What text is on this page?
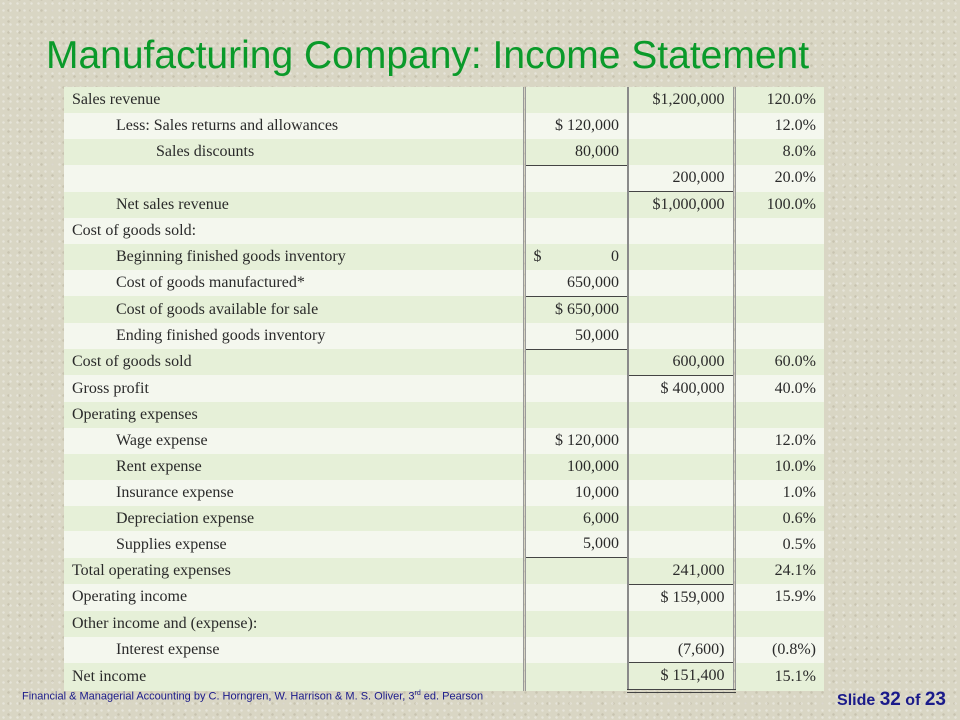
Manufacturing Company: Income Statement
Sales revenue		$1,200,000	120.0%
Less: Sales returns and allowances	$ 120,000		12.0%
Sales discounts	80,000		8.0%
		200,000	20.0%
Net sales revenue		$1,000,000	100.0%
Cost of goods sold:			
Beginning finished goods inventory	$ 0		
Cost of goods manufactured*	650,000		
Cost of goods available for sale	$ 650,000		
Ending finished goods inventory	50,000		
Cost of goods sold		600,000	60.0%
Gross profit		$ 400,000	40.0%
Operating expenses			
Wage expense	$ 120,000		12.0%
Rent expense	100,000		10.0%
Insurance expense	10,000		1.0%
Depreciation expense	6,000		0.6%
Supplies expense	5,000		0.5%
Total operating expenses		241,000	24.1%
Operating income		$ 159,000	15.9%
Other income and (expense):			
Interest expense		(7,600)	(0.8%)
Net income		$ 151,400	15.1%
Financial & Managerial Accounting by C. Horngren, W. Harrison & M. S. Oliver, 3rd ed. Pearson	Slide 32 of 23
